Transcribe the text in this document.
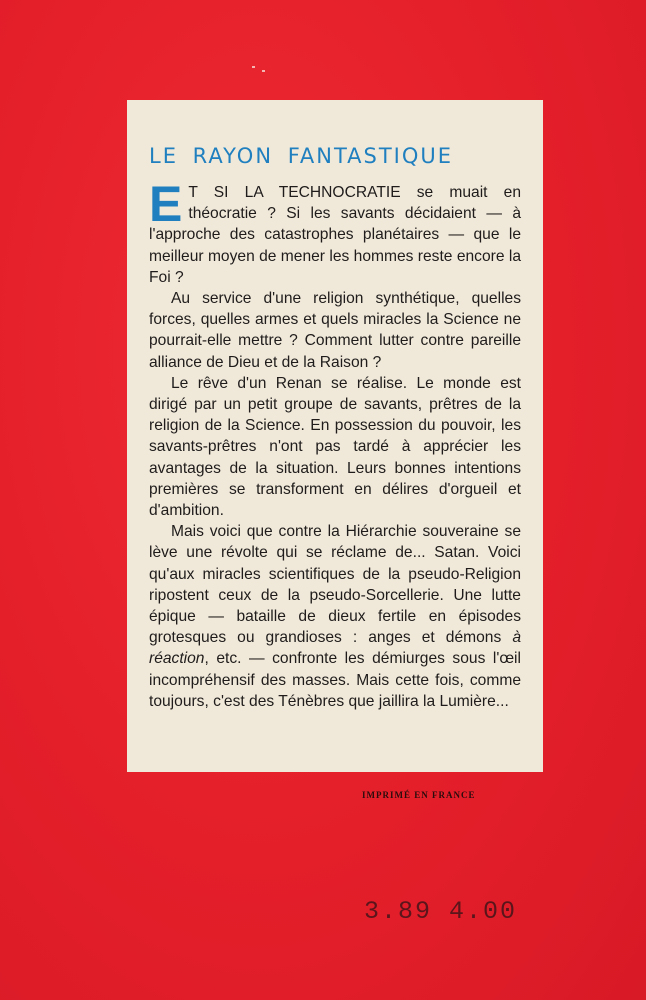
LE RAYON FANTASTIQUE

E T SI LA TECHNOCRATIE se muait en théocratie ? Si les savants décidaient — à l'approche des catastrophes planétaires — que le meilleur moyen de mener les hommes reste encore la Foi ?

Au service d'une religion synthétique, quelles forces, quelles armes et quels miracles la Science ne pourrait-elle mettre ? Comment lutter contre pareille alliance de Dieu et de la Raison ?

Le rêve d'un Renan se réalise. Le monde est dirigé par un petit groupe de savants, prêtres de la religion de la Science. En possession du pouvoir, les savants-prêtres n'ont pas tardé à apprécier les avantages de la situation. Leurs bonnes intentions premières se transforment en délires d'orgueil et d'ambition.

Mais voici que contre la Hiérarchie souveraine se lève une révolte qui se réclame de... Satan. Voici qu'aux miracles scientifiques de la pseudo-Religion ripostent ceux de la pseudo-Sorcellerie. Une lutte épique — bataille de dieux fertile en épisodes grotesques ou grandioses : anges et démons à réaction, etc. — confronte les démiurges sous l'œil incompréhensif des masses. Mais cette fois, comme toujours, c'est des Ténèbres que jaillira la Lumière...

IMPRIMÉ EN FRANCE
3.89 4.00
